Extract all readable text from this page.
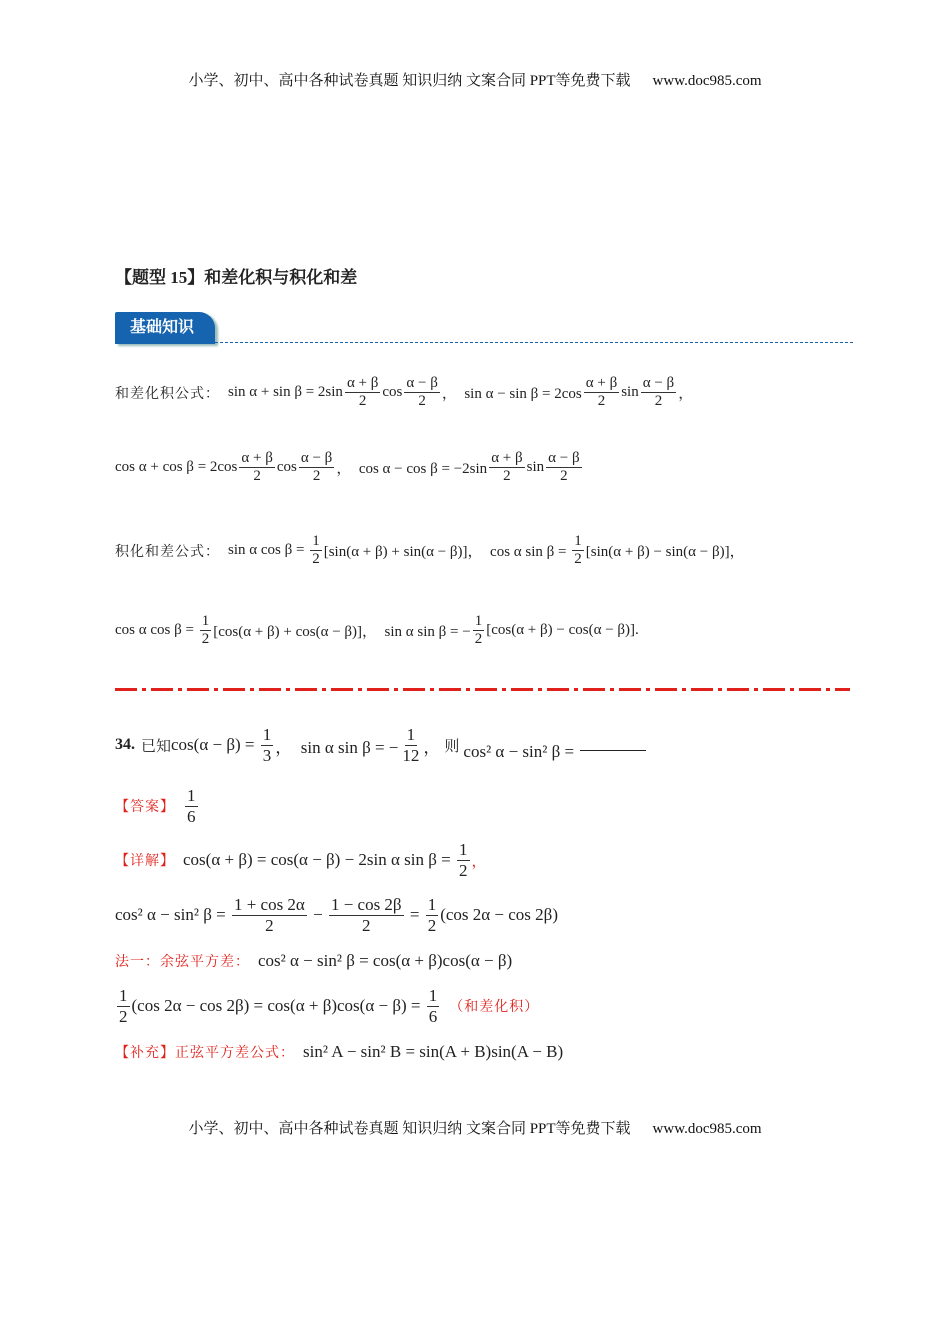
小学、初中、高中各种试卷真题 知识归纳 文案合同 PPT等免费下载 www.doc985.com
【题型 15】和差化积与积化和差
基础知识
和差化积公式： $\sin \alpha + \sin \beta = 2\sin \frac{\alpha + \beta}{2}$ $\cos \frac{\alpha - \beta}{2}$ ，  $\sin \alpha - \sin \beta = 2\cos \frac{\alpha + \beta}{2}$ $\sin \frac{\alpha - \beta}{2}$ ，
$\cos \alpha + \cos \beta = 2\cos \frac{\alpha + \beta}{2}$ $\cos \frac{\alpha - \beta}{2}$ ，  $\cos \alpha - \cos \beta = -2\sin \frac{\alpha + \beta}{2}$ $\sin \frac{\alpha - \beta}{2}$
积化和差公式： sin α $\cos \beta = \frac{1}{2} [\sin(\alpha + \beta) + \sin(\alpha - \beta)]$，  cos α $\sin \beta = \frac{1}{2} [\sin(\alpha + \beta) - \sin(\alpha - \beta)]$，
cos α $\cos \beta = \frac{1}{2} [\cos(\alpha + \beta) + \cos(\alpha - \beta)]$，  sin α sin β = − $\frac{1}{2} [\cos(\alpha + \beta) - \cos(\alpha - \beta)]$.
34. 已知 $\cos(\alpha - \beta) = \frac{1}{3}$ ，  sin α sin β = − $\frac{1}{12}$ ， 则 cos² α − sin² β =
【答案】 $\frac{1}{6}$
【详解】 cos(α + β) = cos(α − β) − 2sin α $\sin \beta = \frac{1}{2}$ ，
cos² α − sin² $\beta = \frac{1 + \cos 2\alpha}{2} - \frac{1 - \cos 2\beta}{2} = \frac{1}{2} (\cos$ 2α − cos 2β)
法一：余弦平方差： cos² α − sin² β = cos(α + β)cos(α − β)
$\frac{1}{2} (\cos$ $2\alpha - \cos 2\beta) = \cos(\alpha + \beta)\cos(\alpha - \beta) = \frac{1}{6}$ （和差化积）
【补充】正弦平方差公式： sin² A − sin² B = sin(A + B)sin(A − B)
小学、初中、高中各种试卷真题 知识归纳 文案合同 PPT等免费下载 www.doc985.com
